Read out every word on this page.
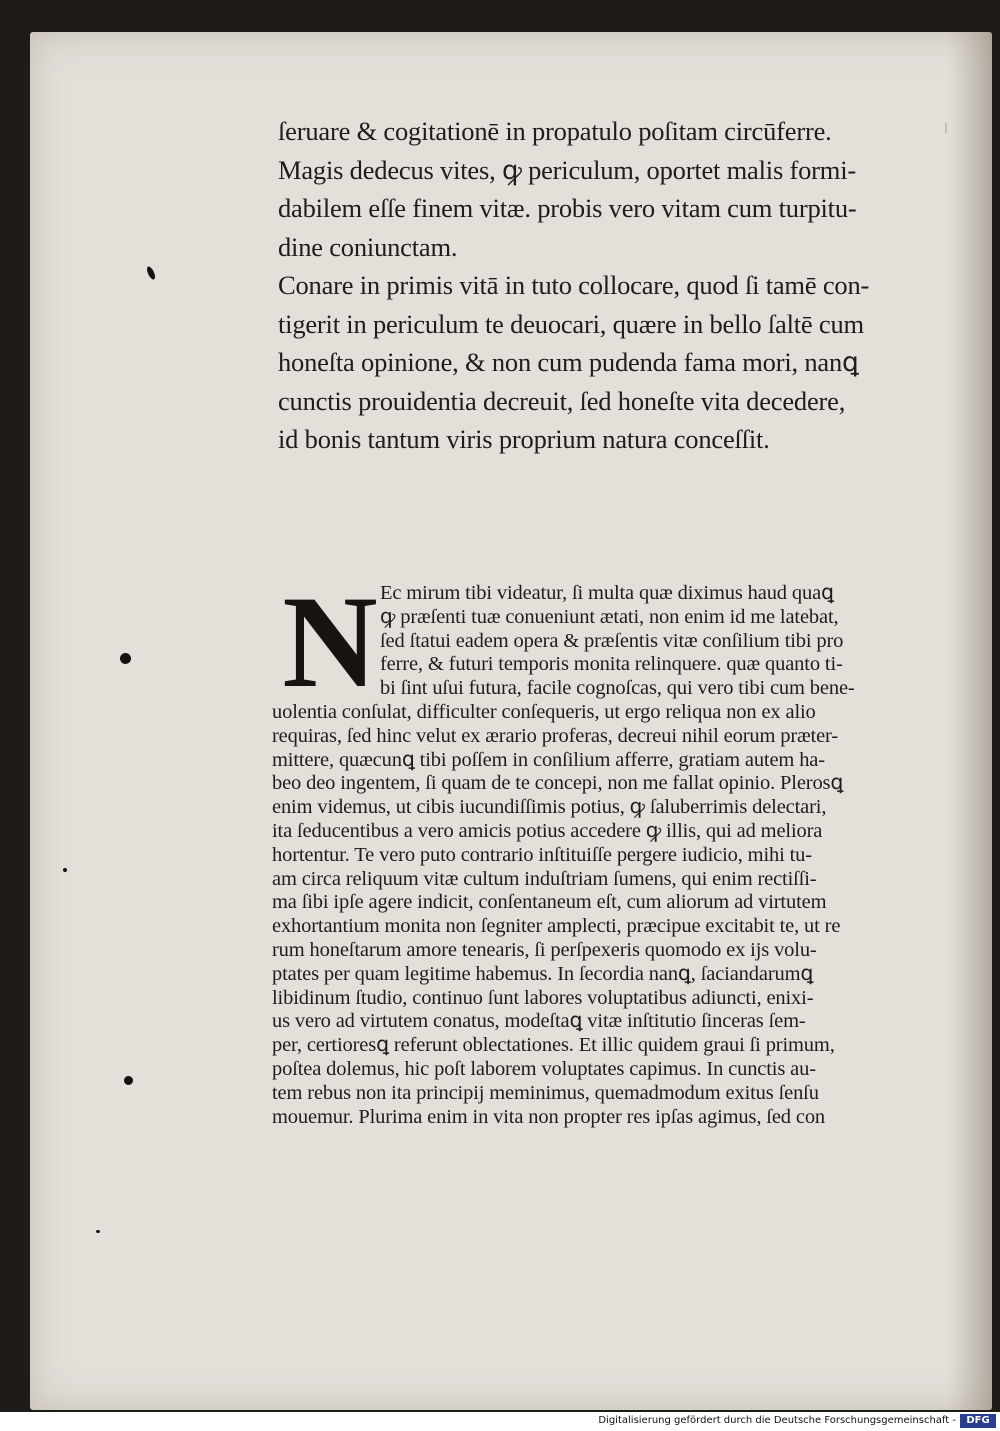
ſeruare & cogitationē in propatulo poſitam circūferre.
Magis dedecus vites, ꝙ periculum, oportet malis formi-
dabilem eſſe finem vitæ. probis vero vitam cum turpitu-
dine coniunctam.
Conare in primis vitā in tuto collocare, quod ſi tamē con-
tigerit in periculum te deuocari, quære in bello ſaltē cum
honeſta opinione, & non cum pudenda fama mori, nanꝗ
cunctis prouidentia decreuit, ſed honeſte vita decedere,
id bonis tantum viris proprium natura conceſſit.
N Ec mirum tibi videatur, ſi multa quæ diximus haud quaꝗ
ꝙ præſenti tuæ conueniunt ætati, non enim id me latebat,
ſed ſtatui eadem opera & præſentis vitæ conſilium tibi pro
ferre, & futuri temporis monita relinquere. quæ quanto ti-
bi ſint uſui futura, facile cognoſcas, qui vero tibi cum bene-
uolentia conſulat, difficulter conſequeris, ut ergo reliqua non ex alio
requiras, ſed hinc velut ex ærario proferas, decreui nihil eorum præter-
mittere, quæcunꝗ tibi poſſem in conſilium afferre, gratiam autem ha-
beo deo ingentem, ſi quam de te concepi, non me fallat opinio. Plerosꝗ
enim videmus, ut cibis iucundiſſimis potius, ꝙ ſaluberrimis delectari,
ita ſeducentibus a vero amicis potius accedere ꝙ illis, qui ad meliora
hortentur. Te vero puto contrario inſtituiſſe pergere iudicio, mihi tu-
am circa reliquum vitæ cultum induſtriam ſumens, qui enim rectiſſi-
ma ſibi ipſe agere indicit, conſentaneum eſt, cum aliorum ad virtutem
exhortantium monita non ſegniter amplecti, præcipue excitabit te, ut re
rum honeſtarum amore tenearis, ſi perſpexeris quomodo ex ijs volu-
ptates per quam legitime habemus. In ſecordia nanꝗ, ſaciandarumꝗ
libidinum ſtudio, continuo ſunt labores voluptatibus adiuncti, enixi-
us vero ad virtutem conatus, modeſtaꝗ vitæ inſtitutio ſinceras ſem-
per, certioresꝗ referunt oblectationes. Et illic quidem graui ſi primum,
poſtea dolemus, hic poſt laborem voluptates capimus. In cunctis au-
tem rebus non ita principij meminimus, quemadmodum exitus ſenſu
mouemur. Plurima enim in vita non propter res ipſas agimus, ſed con
Digitalisierung gefördert durch die Deutsche Forschungsgemeinschaft -	DFG
